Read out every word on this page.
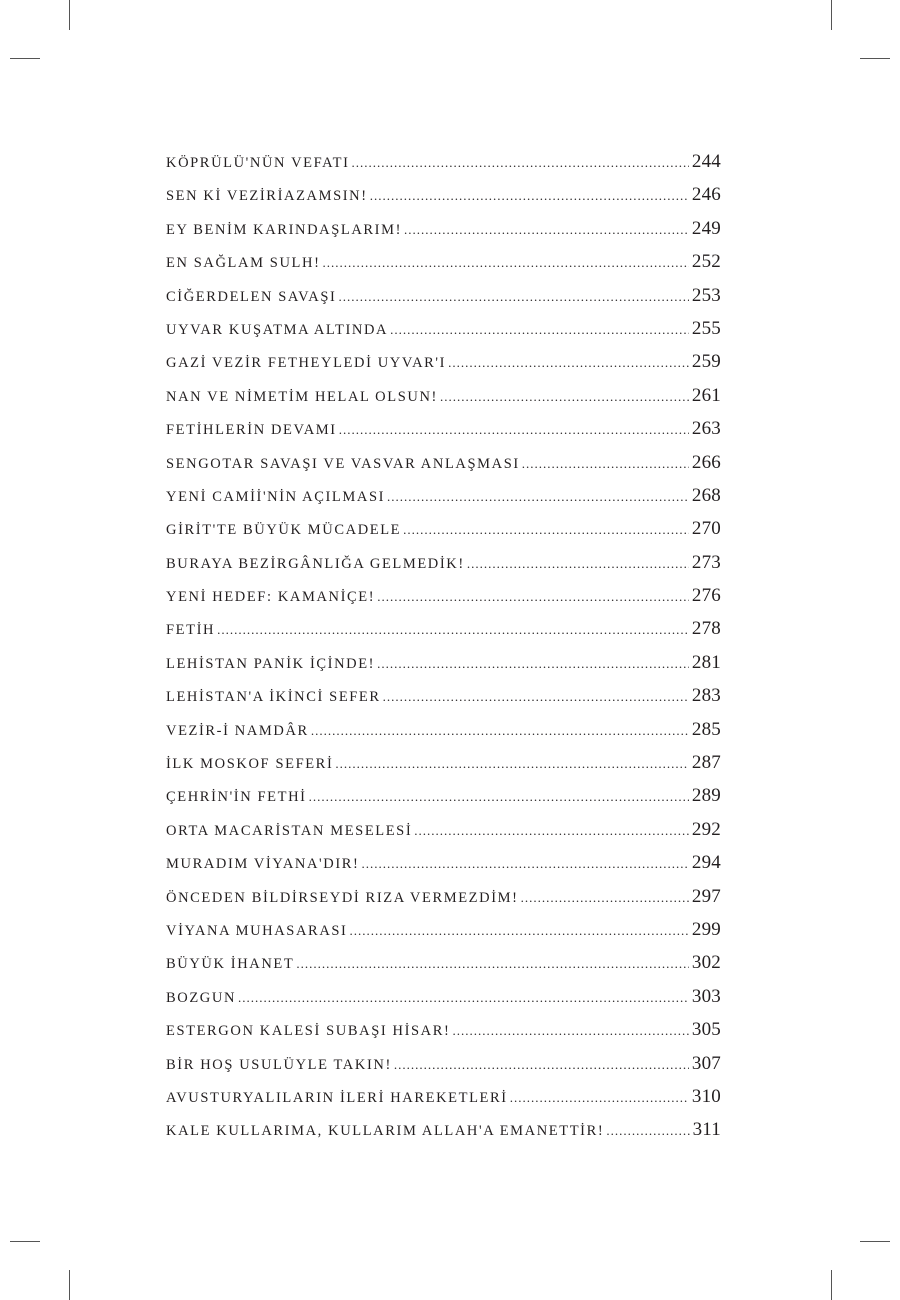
KÖPRÜLÜ'NÜN VEFATI .....	244
SEN Kİ VEZİRİAZAMSIN! .....	246
EY BENİM KARINDAŞLARIM! .....	249
EN SAĞLAM SULH! .....	252
CİĞERDELEN SAVAŞI .....	253
UYVAR KUŞATMA ALTINDA .....	255
GAZİ VEZİR FETHEYLEDİ UYVAR'I .....	259
NAN VE NİMETİM HELAL OLSUN! .....	261
FETİHLERİN DEVAMI .....	263
SENGOTAR SAVAŞI VE VASVAR ANLAŞMASI .....	266
YENİ CAMİİ'NİN AÇILMASI .....	268
GİRİT'TE BÜYÜK MÜCADELE .....	270
BURAYA BEZİRGÂNLIĞA GELMEDİK! .....	273
YENİ HEDEF: KAMANİÇE! .....	276
FETİH .....	278
LEHİSTAN PANİK İÇİNDE! .....	281
LEHİSTAN'A İKİNCİ SEFER .....	283
VEZİR-İ NAMDÂR .....	285
İLK MOSKOF SEFERİ .....	287
ÇEHRİN'İN FETHİ .....	289
ORTA MACARİSTAN MESELESİ .....	292
MURADIM VİYANA'DIR! .....	294
ÖNCEDEN BİLDİRSEYDİ RIZA VERMEZDİM! .....	297
VİYANA MUHASARASI .....	299
BÜYÜK İHANET .....	302
BOZGUN .....	303
ESTERGON KALESİ SUBAŞI HİSAR! .....	305
BİR HOŞ USULÜYLE TAKIN! .....	307
AVUSTURYALILARIN İLERİ HAREKETLERİ .....	310
KALE KULLARIMA, KULLARIM ALLAH'A EMANETTİR! .....	311
